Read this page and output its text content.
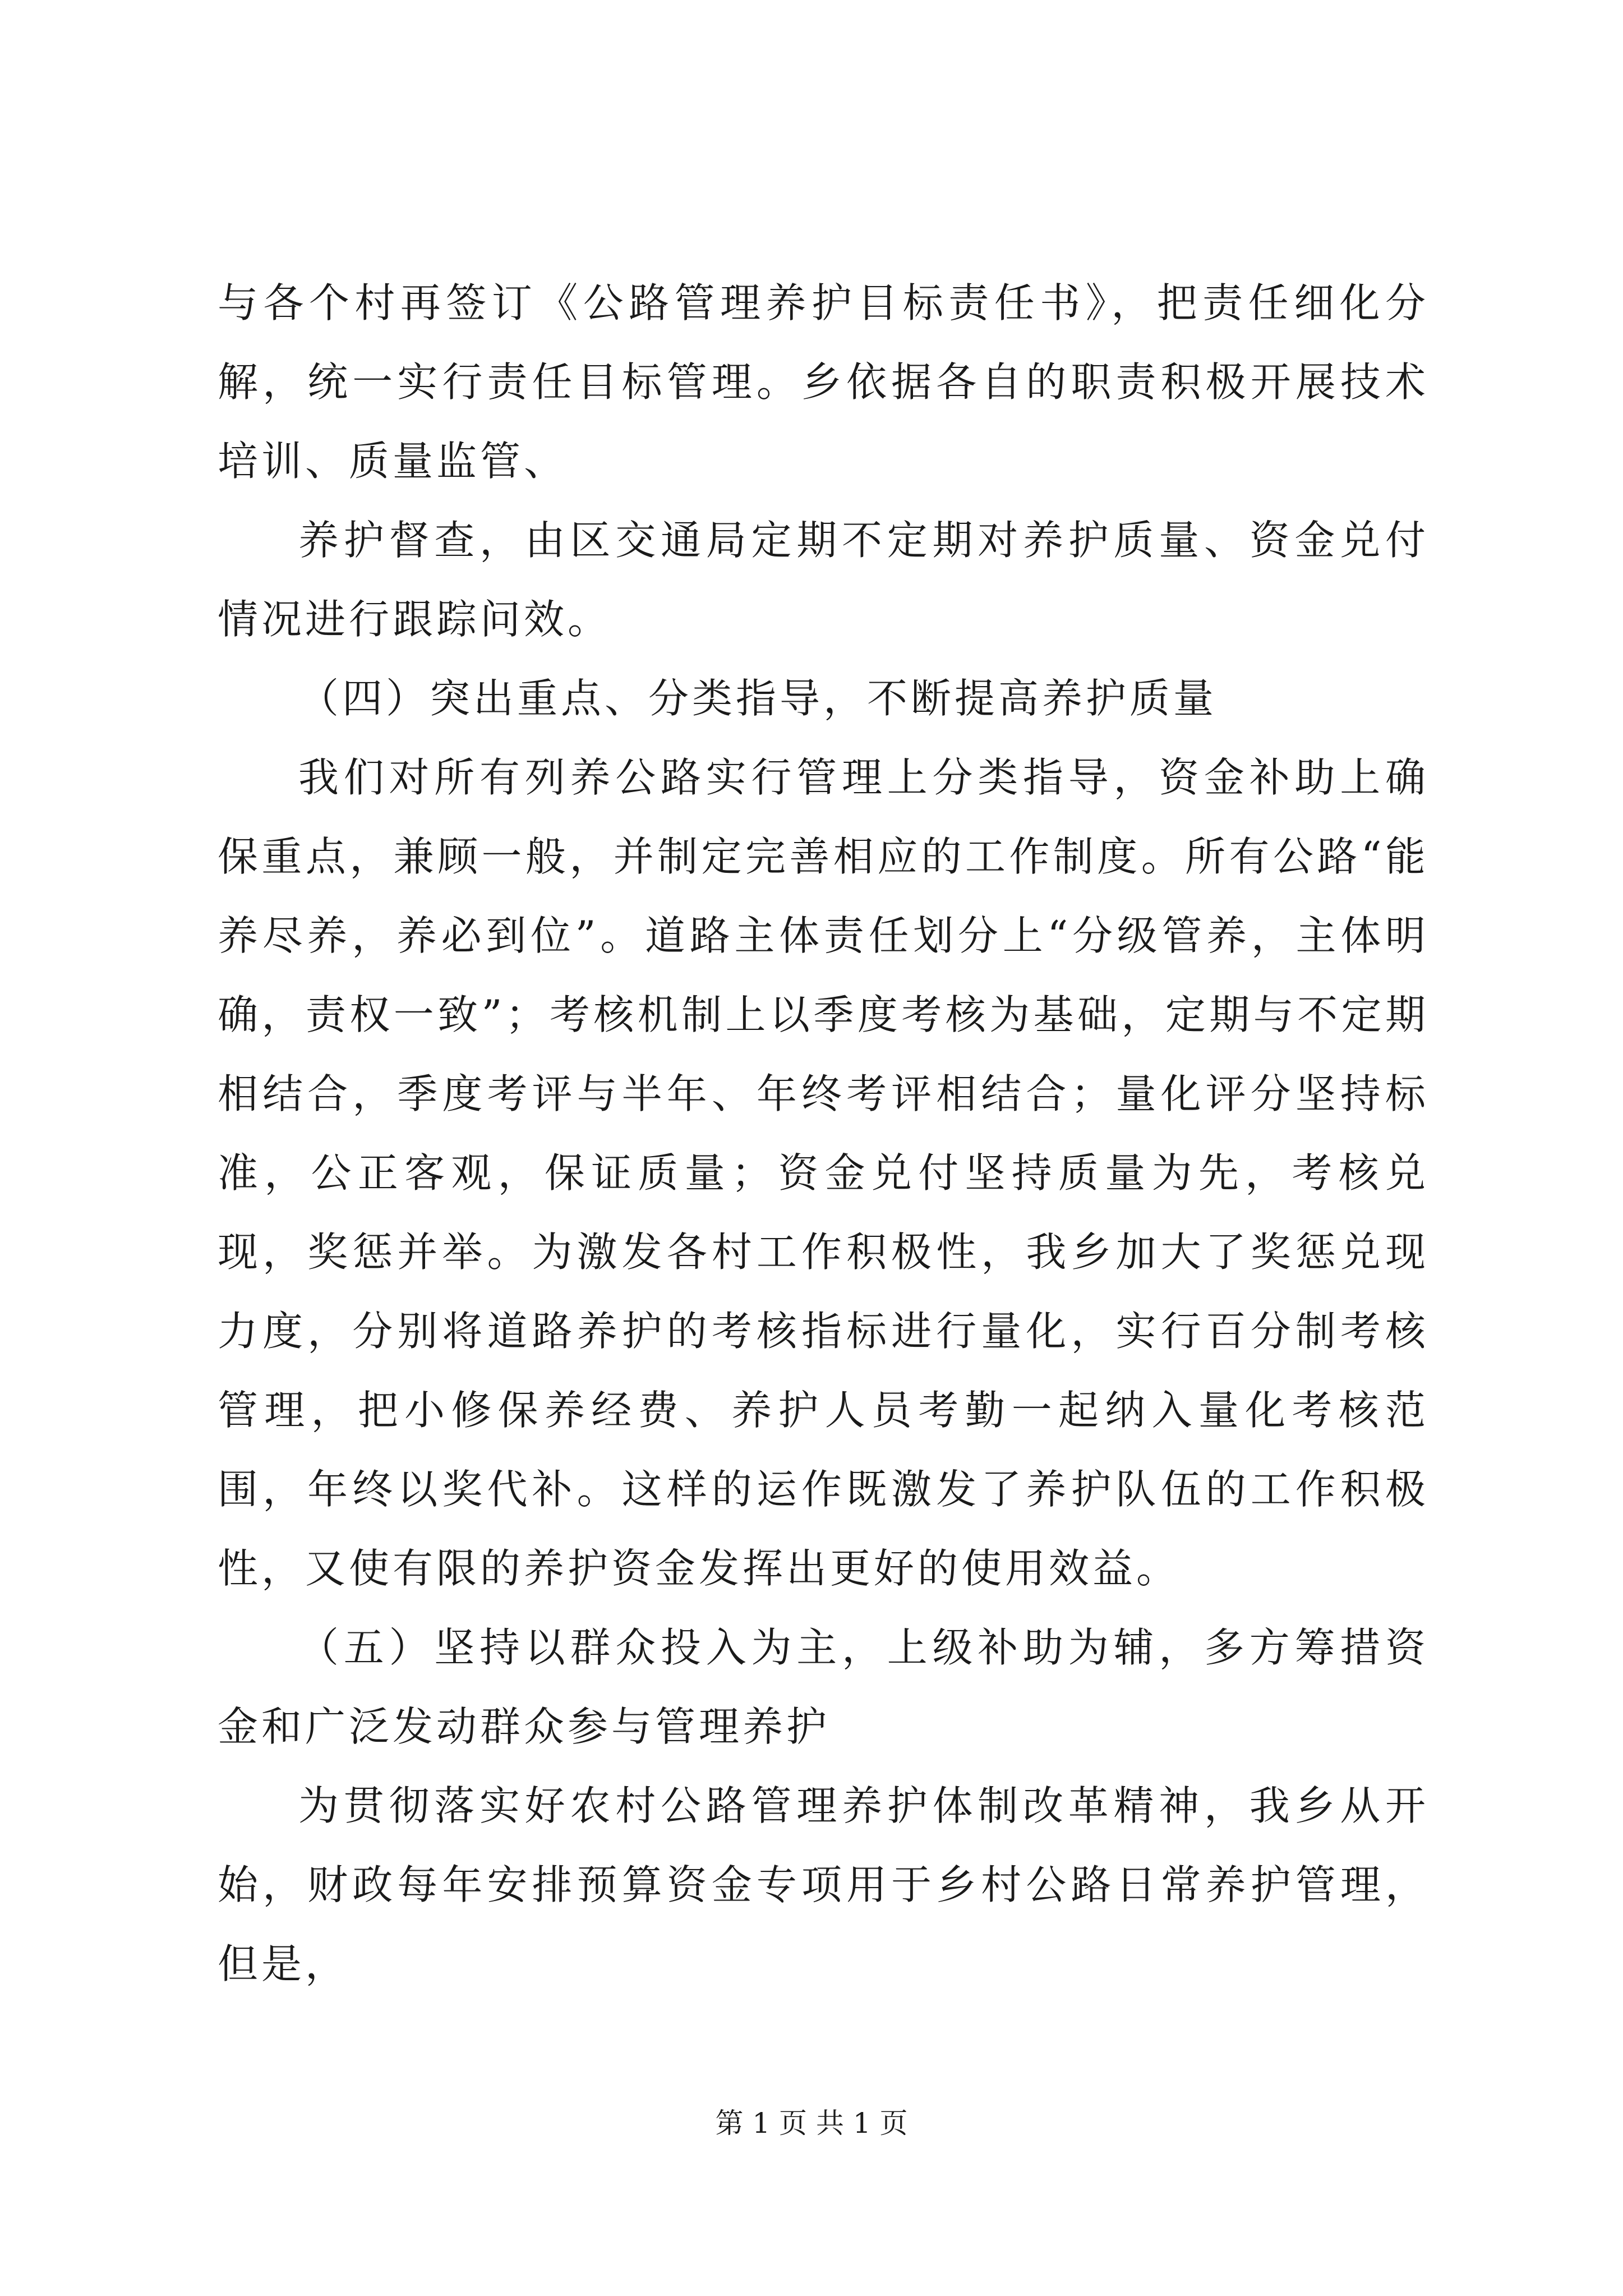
与各个村再签订《公路管理养护目标责任书》，把责任细化分解，统一实行责任目标管理。乡依据各自的职责积极开展技术培训、质量监管、

养护督查，由区交通局定期不定期对养护质量、资金兑付情况进行跟踪问效。

（四）突出重点、分类指导，不断提高养护质量

我们对所有列养公路实行管理上分类指导，资金补助上确保重点，兼顾一般，并制定完善相应的工作制度。所有公路“能养尽养，养必到位”。道路主体责任划分上“分级管养，主体明确，责权一致”；考核机制上以季度考核为基础，定期与不定期相结合，季度考评与半年、年终考评相结合；量化评分坚持标准，公正客观，保证质量；资金兑付坚持质量为先，考核兑现，奖惩并举。为激发各村工作积极性，我乡加大了奖惩兑现力度，分别将道路养护的考核指标进行量化，实行百分制考核管理，把小修保养经费、养护人员考勤一起纳入量化考核范围，年终以奖代补。这样的运作既激发了养护队伍的工作积极性，又使有限的养护资金发挥出更好的使用效益。

（五）坚持以群众投入为主，上级补助为辅，多方筹措资金和广泛发动群众参与管理养护

为贯彻落实好农村公路管理养护体制改革精神，我乡从开始，财政每年安排预算资金专项用于乡村公路日常养护管理，但是，

第 1 页 共 1 页
